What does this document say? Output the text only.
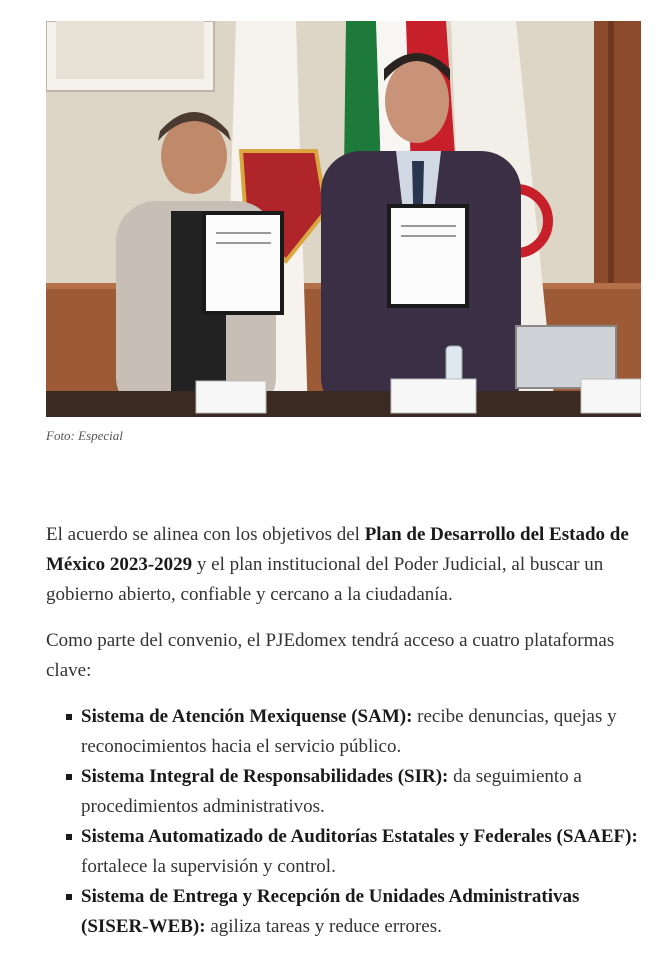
Foto: Especial

El acuerdo se alinea con los objetivos del Plan de Desarrollo del Estado de México 2023-2029 y el plan institucional del Poder Judicial, al buscar un gobierno abierto, confiable y cercano a la ciudadanía.

Como parte del convenio, el PJEdomex tendrá acceso a cuatro plataformas clave:

Sistema de Atención Mexiquense (SAM): recibe denuncias, quejas y reconocimientos hacia el servicio público.
Sistema Integral de Responsabilidades (SIR): da seguimiento a procedimientos administrativos.
Sistema Automatizado de Auditorías Estatales y Federales (SAAEF): fortalece la supervisión y control.
Sistema de Entrega y Recepción de Unidades Administrativas (SISER-WEB): agiliza tareas y reduce errores.
